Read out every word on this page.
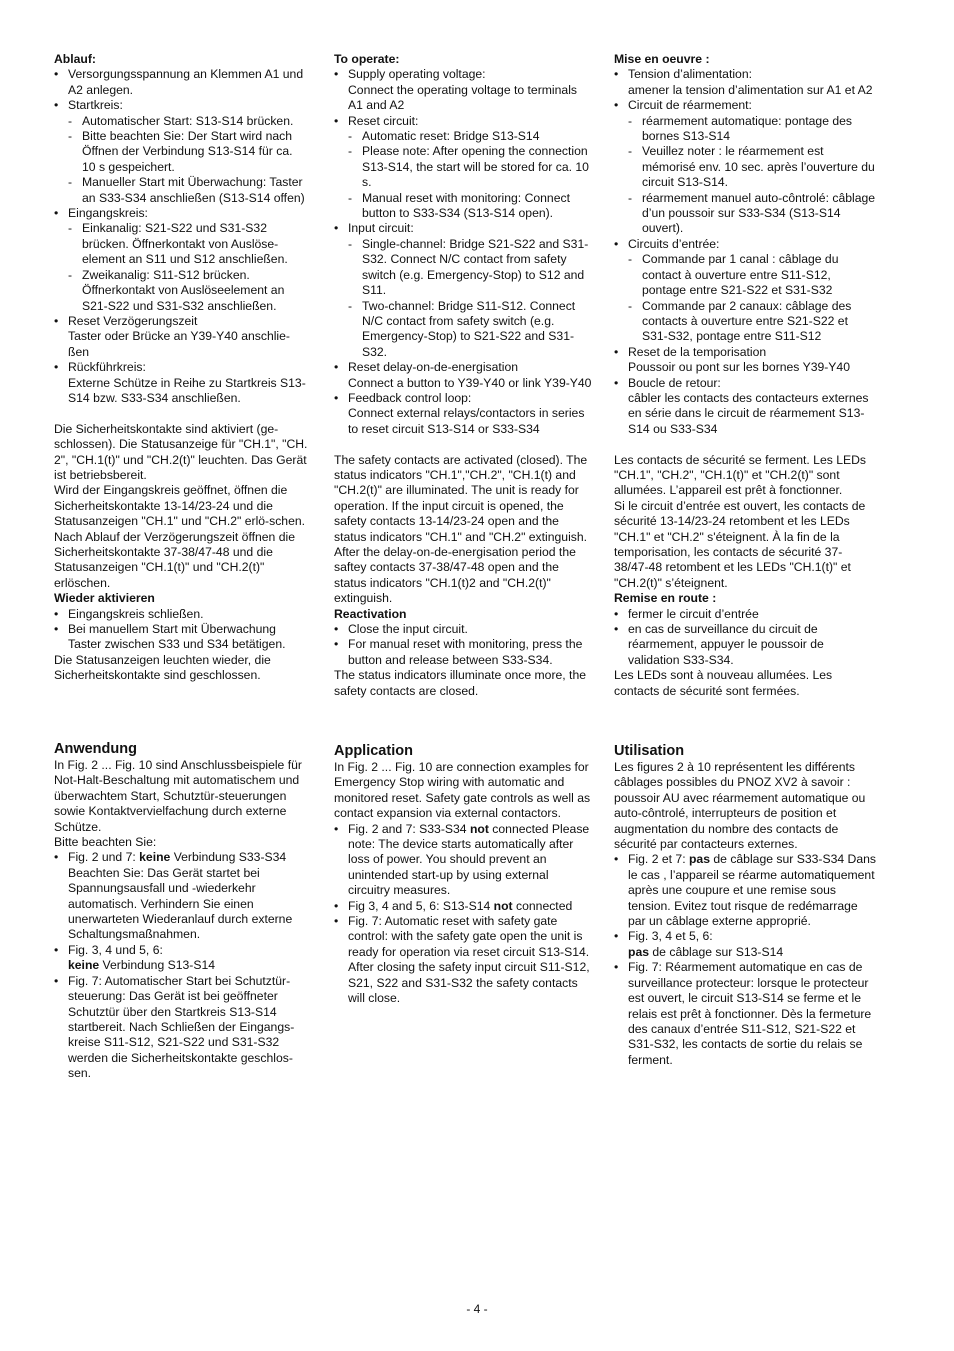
Ablauf:
• Versorgungsspannung an Klemmen A1 und A2 anlegen.
• Startkreis:
- Automatischer Start: S13-S14 brücken.
- Bitte beachten Sie: Der Start wird nach Öffnen der Verbindung S13-S14 für ca. 10 s gespeichert.
- Manueller Start mit Überwachung: Taster an S33-S34 anschließen (S13-S14 offen)
• Eingangskreis:
- Einkanalig: S21-S22 und S31-S32 brücken. Öffnerkontakt von Auslöse-element an S11 und S12 anschließen.
- Zweikanalig: S11-S12 brücken. Öffnerkontakt von Auslöseelement an S21-S22 und S31-S32 anschließen.
• Reset Verzögerungszeit
Taster oder Brücke an Y39-Y40 anschlie-ßen
• Rückführkreis:
Externe Schütze in Reihe zu Startkreis S13-S14 bzw. S33-S34 anschließen.
Die Sicherheitskontakte sind aktiviert (ge-schlossen). Die Statusanzeige für "CH.1", "CH. 2", "CH.1(t)" und "CH.2(t)" leuchten. Das Gerät ist betriebsbereit.
Wird der Eingangskreis geöffnet, öffnen die Sicherheitskontakte 13-14/23-24 und die Statusanzeigen "CH.1" und "CH.2" erlö-schen. Nach Ablauf der Verzögerungszeit öffnen die Sicherheitskontakte 37-38/47-48 und die Statusanzeigen "CH.1(t)" und "CH.2(t)" erlöschen.
Wieder aktivieren
• Eingangskreis schließen.
• Bei manuellem Start mit Überwachung Taster zwischen S33 und S34 betätigen.
Die Statusanzeigen leuchten wieder, die Sicherheitskontakte sind geschlossen.
Anwendung
In Fig. 2 ... Fig. 10 sind Anschlussbeispiele für Not-Halt-Beschaltung mit automatischem und überwachtem Start, Schutztür-steuerungen sowie Kontaktvervielfachung durch externe Schütze.
Bitte beachten Sie:
• Fig. 2 und 7: keine Verbindung S33-S34 Beachten Sie: Das Gerät startet bei Spannungsausfall und -wiederkehr automatisch. Verhindern Sie einen unerwarteten Wiederanlauf durch externe Schaltungsmaßnahmen.
• Fig. 3, 4 und 5, 6:
keine Verbindung S13-S14
• Fig. 7: Automatischer Start bei Schutztür-steuerung: Das Gerät ist bei geöffneter Schutztür über den Startkreis S13-S14 startbereit. Nach Schließen der Eingangs-kreise S11-S12, S21-S22 und S31-S32 werden die Sicherheitskontakte geschlos-sen.
To operate:
• Supply operating voltage:
Connect the operating voltage to terminals A1 and A2
• Reset circuit:
- Automatic reset: Bridge S13-S14
- Please note: After opening the connection S13-S14, the start will be stored for ca. 10 s.
- Manual reset with monitoring: Connect button to S33-S34 (S13-S14 open).
• Input circuit:
- Single-channel: Bridge S21-S22 and S31-S32. Connect N/C contact from safety switch (e.g. Emergency-Stop) to S12 and S11.
- Two-channel: Bridge S11-S12. Connect N/C contact from safety switch (e.g. Emergency-Stop) to S21-S22 and S31-S32.
• Reset delay-on-de-energisation
Connect a button to Y39-Y40 or link Y39-Y40
• Feedback control loop:
Connect external relays/contactors in series to reset circuit S13-S14 or S33-S34
The safety contacts are activated (closed). The status indicators "CH.1","CH.2", "CH.1(t) and "CH.2(t)" are illuminated. The unit is ready for operation. If the input circuit is opened, the safety contacts 13-14/23-24 open and the status indicators "CH.1" and "CH.2" extinguish. After the delay-on-de-energisation period the saftey contacts 37-38/47-48 open and the status indicators "CH.1(t)2 and "CH.2(t)" extinguish.
Reactivation
• Close the input circuit.
• For manual reset with monitoring, press the button and release between S33-S34.
The status indicators illuminate once more, the safety contacts are closed.
Application
In Fig. 2 ... Fig. 10 are connection examples for Emergency Stop wiring with automatic and monitored reset. Safety gate controls as well as contact expansion via external contactors.
• Fig. 2 and 7: S33-S34 not connected Please note: The device starts automatically after loss of power. You should prevent an unintended start-up by using external circuitry measures.
• Fig 3, 4 and 5, 6: S13-S14 not connected
• Fig. 7: Automatic reset with safety gate control: with the safety gate open the unit is ready for operation via reset circuit S13-S14. After closing the safety input circuit S11-S12, S21, S22 and S31-S32 the safety contacts will close.
Mise en oeuvre :
• Tension d’alimentation:
amener la tension d’alimentation sur A1 et A2
• Circuit de réarmement:
- réarmement automatique: pontage des bornes S13-S14
- Veuillez noter : le réarmement est mémorisé env. 10 sec. après l’ouverture du circuit S13-S14.
- réarmement manuel auto-côntrolé: câblage d’un poussoir sur S33-S34 (S13-S14 ouvert).
• Circuits d’entrée:
- Commande par 1 canal : câblage du contact à ouverture entre S11-S12, pontage entre S21-S22 et S31-S32
- Commande par 2 canaux: câblage des contacts à ouverture entre S21-S22 et S31-S32, pontage entre S11-S12
• Reset de la temporisation
Poussoir ou pont sur les bornes Y39-Y40
• Boucle de retour:
câbler les contacts des contacteurs externes en série dans le circuit de réarmement S13-S14 ou S33-S34
Les contacts de sécurité se ferment. Les LEDs "CH.1", "CH.2", "CH.1(t)" et "CH.2(t)" sont allumées. L’appareil est prêt à fonctionner.
Si le circuit d’entrée est ouvert, les contacts de sécurité 13-14/23-24 retombent et les LEDs "CH.1" et "CH.2" s'éteignent. À la fin de la temporisation, les contacts de sécurité 37-38/47-48 retombent et les LEDs "CH.1(t)" et "CH.2(t)" s’éteignent.
Remise en route :
• fermer le circuit d’entrée
• en cas de surveillance du circuit de réarmement, appuyer le poussoir de validation S33-S34.
Les LEDs sont à nouveau allumées. Les contacts de sécurité sont fermées.
Utilisation
Les figures 2 à 10 représentent les différents câblages possibles du PNOZ XV2 à savoir : poussoir AU avec réarmement automatique ou auto-côntrolé, interrupteurs de position et augmentation du nombre des contacts de sécurité par contacteurs externes.
• Fig. 2 et 7: pas de câblage sur S33-S34 Dans le cas , l’appareil se réarme automatiquement après une coupure et une remise sous tension. Evitez tout risque de redémarrage par un câblage externe approprié.
• Fig. 3, 4 et 5, 6:
pas de câblage sur S13-S14
• Fig. 7: Réarmement automatique en cas de surveillance protecteur: lorsque le protecteur est ouvert, le circuit S13-S14 se ferme et le relais est prêt à fonctionner. Dès la fermeture des canaux d’entrée S11-S12, S21-S22 et S31-S32, les contacts de sortie du relais se ferment.
- 4 -
